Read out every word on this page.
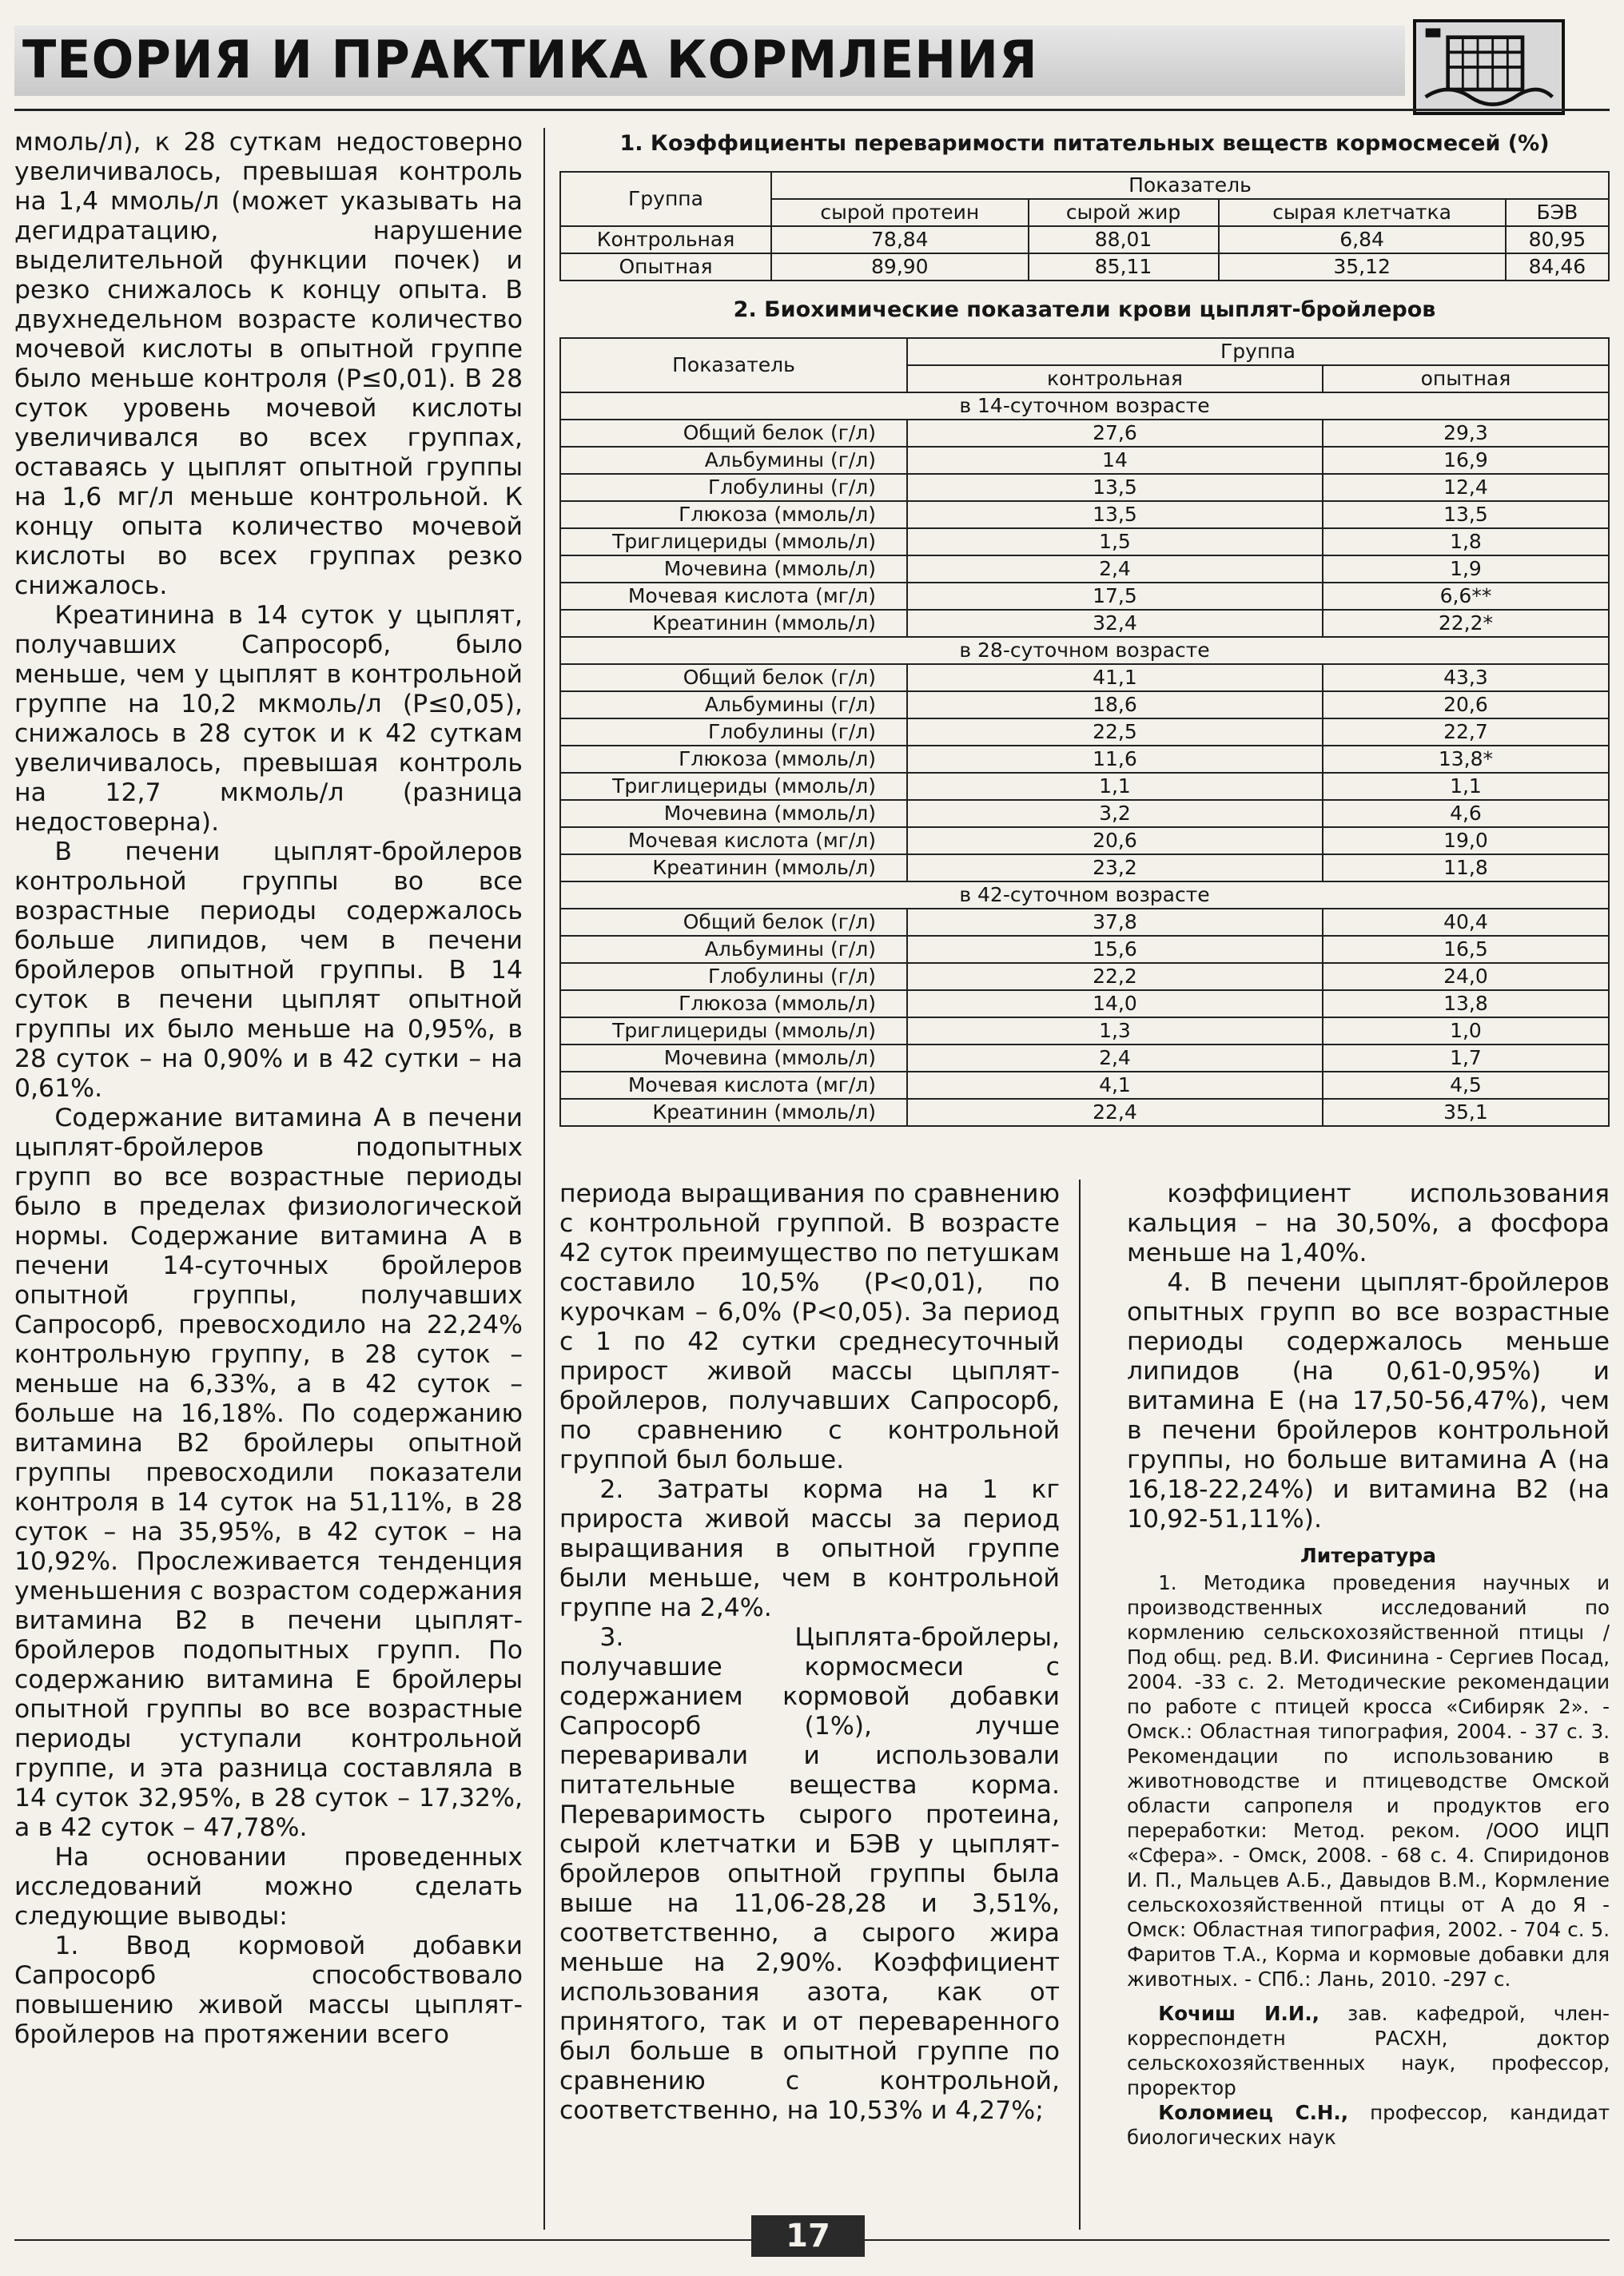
ТЕОРИЯ И ПРАКТИКА КОРМЛЕНИЯ

ммоль/л), к 28 суткам недостоверно увеличивалось, превышая контроль на 1,4 ммоль/л (может указывать на дегидратацию, нарушение выделительной функции почек) и резко снижалось к концу опыта. В двухнедельном возрасте количество мочевой кислоты в опытной группе было меньше контроля (Р≤0,01). В 28 суток уровень мочевой кислоты увеличивался во всех группах, оставаясь у цыплят опытной группы на 1,6 мг/л меньше контрольной. К концу опыта количество мочевой кислоты во всех группах резко снижалось.

Креатинина в 14 суток у цыплят, получавших Сапросорб, было меньше, чем у цыплят в контрольной группе на 10,2 мкмоль/л (Р≤0,05), снижалось в 28 суток и к 42 суткам увеличивалось, превышая контроль на 12,7 мкмоль/л (разница недостоверна).

В печени цыплят-бройлеров контрольной группы во все возрастные периоды содержалось больше липидов, чем в печени бройлеров опытной группы. В 14 суток в печени цыплят опытной группы их было меньше на 0,95%, в 28 суток – на 0,90% и в 42 сутки – на 0,61%.

Содержание витамина А в печени цыплят-бройлеров подопытных групп во все возрастные периоды было в пределах физиологической нормы. Содержание витамина А в печени 14-суточных бройлеров опытной группы, получавших Сапросорб, превосходило на 22,24% контрольную группу, в 28 суток – меньше на 6,33%, а в 42 суток – больше на 16,18%. По содержанию витамина В2 бройлеры опытной группы превосходили показатели контроля в 14 суток на 51,11%, в 28 суток – на 35,95%, в 42 суток – на 10,92%. Прослеживается тенденция уменьшения с возрастом содержания витамина В2 в печени цыплят-бройлеров подопытных групп. По содержанию витамина Е бройлеры опытной группы во все возрастные периоды уступали контрольной группе, и эта разница составляла в 14 суток 32,95%, в 28 суток – 17,32%, а в 42 суток – 47,78%.

На основании проведенных исследований можно сделать следующие выводы:

1. Ввод кормовой добавки Сапросорб способствовало повышению живой массы цыплят-бройлеров на протяжении всего

1. Коэффициенты переваримости питательных веществ кормосмесей (%)
Группа	Показатель			
	сырой протеин	сырой жир	сырая клетчатка	БЭВ
Контрольная	78,84	88,01	6,84	80,95
Опытная	89,90	85,11	35,12	84,46
2. Биохимические показатели крови цыплят-бройлеров
Показатель	Группа	
	контрольная	опытная
в 14-суточном возрасте		
Общий белок (г/л)	27,6	29,3
Альбумины (г/л)	14	16,9
Глобулины (г/л)	13,5	12,4
Глюкоза (ммоль/л)	13,5	13,5
Триглицериды (ммоль/л)	1,5	1,8
Мочевина (ммоль/л)	2,4	1,9
Мочевая кислота (мг/л)	17,5	6,6**
Креатинин (ммоль/л)	32,4	22,2*
в 28-суточном возрасте		
Общий белок (г/л)	41,1	43,3
Альбумины (г/л)	18,6	20,6
Глобулины (г/л)	22,5	22,7
Глюкоза (ммоль/л)	11,6	13,8*
Триглицериды (ммоль/л)	1,1	1,1
Мочевина (ммоль/л)	3,2	4,6
Мочевая кислота (мг/л)	20,6	19,0
Креатинин (ммоль/л)	23,2	11,8
в 42-суточном возрасте		
Общий белок (г/л)	37,8	40,4
Альбумины (г/л)	15,6	16,5
Глобулины (г/л)	22,2	24,0
Глюкоза (ммоль/л)	14,0	13,8
Триглицериды (ммоль/л)	1,3	1,0
Мочевина (ммоль/л)	2,4	1,7
Мочевая кислота (мг/л)	4,1	4,5
Креатинин (ммоль/л)	22,4	35,1

периода выращивания по сравнению с контрольной группой. В возрасте 42 суток преимущество по петушкам составило 10,5% (Р<0,01), по курочкам – 6,0% (Р<0,05). За период с 1 по 42 сутки среднесуточный прирост живой массы цыплят-бройлеров, получавших Сапросорб, по сравнению с контрольной группой был больше.

2. Затраты корма на 1 кг прироста живой массы за период выращивания в опытной группе были меньше, чем в контрольной группе на 2,4%.

3. Цыплята-бройлеры, получавшие кормосмеси с содержанием кормовой добавки Сапросорб (1%), лучше переваривали и использовали питательные вещества корма. Переваримость сырого протеина, сырой клетчатки и БЭВ у цыплят-бройлеров опытной группы была выше на 11,06-28,28 и 3,51%, соответственно, а сырого жира меньше на 2,90%. Коэффициент использования азота, как от принятого, так и от переваренного был больше в опытной группе по сравнению с контрольной, соответственно, на 10,53% и 4,27%;

коэффициент использования кальция – на 30,50%, а фосфора меньше на 1,40%.

4. В печени цыплят-бройлеров опытных групп во все возрастные периоды содержалось меньше липидов (на 0,61-0,95%) и витамина Е (на 17,50-56,47%), чем в печени бройлеров контрольной группы, но больше витамина А (на 16,18-22,24%) и витамина В2 (на 10,92-51,11%).

Литература
1. Методика проведения научных и производственных исследований по кормлению сельскохозяйственной птицы /Под общ. ред. В.И. Фисинина - Сергиев Посад, 2004. -33 с. 2. Методические рекомендации по работе с птицей кросса «Сибиряк 2». - Омск.: Областная типография, 2004. - 37 с. 3. Рекомендации по использованию в животноводстве и птицеводстве Омской области сапропеля и продуктов его переработки: Метод. реком. /ООО ИЦП «Сфера». - Омск, 2008. - 68 с. 4. Спиридонов И. П., Мальцев А.Б., Давыдов В.М., Кормление сельскохозяйственной птицы от А до Я - Омск: Областная типография, 2002. - 704 с. 5. Фаритов Т.А., Корма и кормовые добавки для животных. - СПб.: Лань, 2010. -297 с.
Кочиш И.И., зав. кафедрой, член-корреспондетн РАСХН, доктор сельскохозяйственных наук, профессор, проректор
Коломиец С.Н., профессор, кандидат биологических наук
17
